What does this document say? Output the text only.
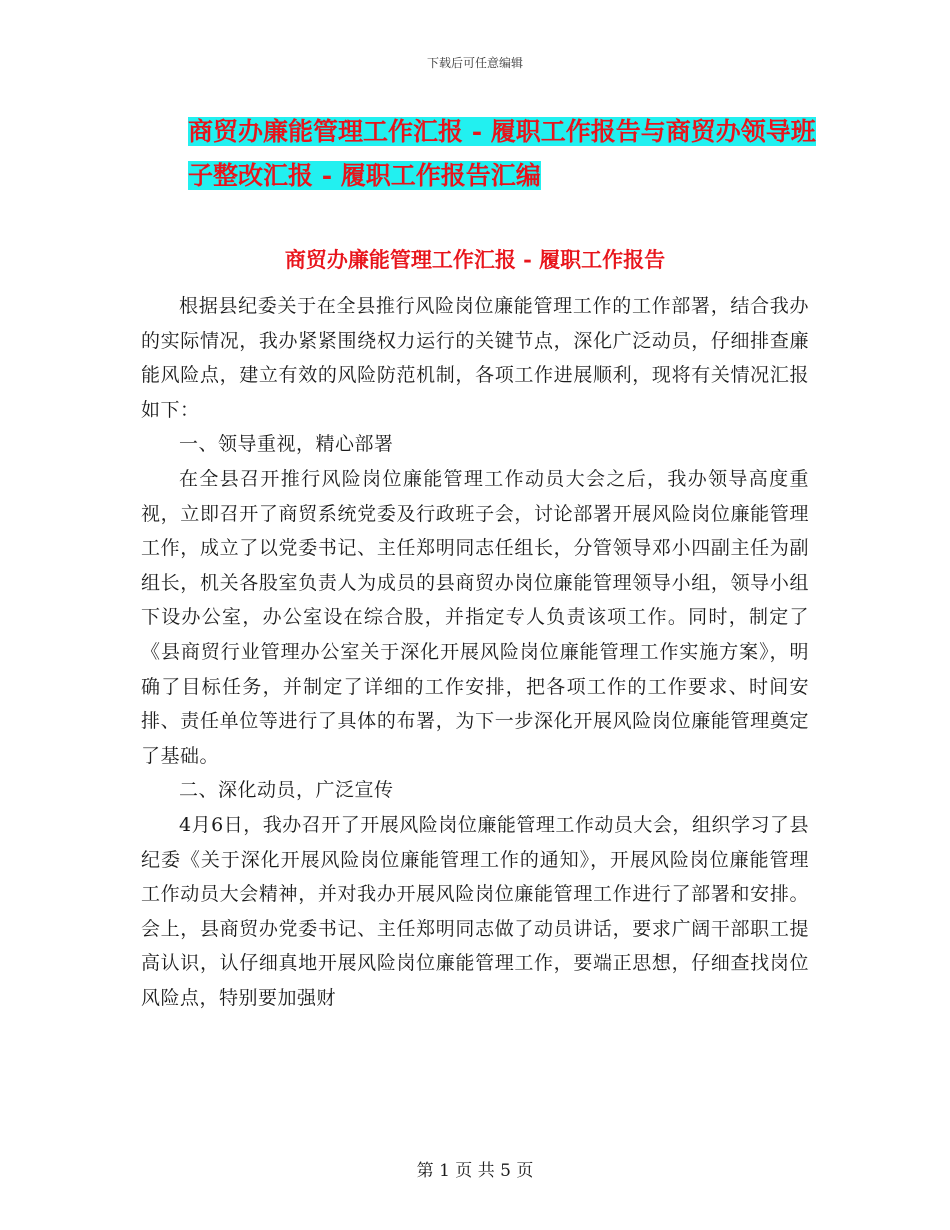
下载后可任意编辑
商贸办廉能管理工作汇报 - 履职工作报告与商贸办领导班子整改汇报 - 履职工作报告汇编
商贸办廉能管理工作汇报 - 履职工作报告

根据县纪委关于在全县推行风险岗位廉能管理工作的工作部署，结合我办的实际情况，我办紧紧围绕权力运行的关键节点，深化广泛动员，仔细排查廉能风险点，建立有效的风险防范机制，各项工作进展顺利，现将有关情况汇报如下：

一、领导重视，精心部署

在全县召开推行风险岗位廉能管理工作动员大会之后，我办领导高度重视，立即召开了商贸系统党委及行政班子会，讨论部署开展风险岗位廉能管理工作，成立了以党委书记、主任郑明同志任组长，分管领导邓小四副主任为副组长，机关各股室负责人为成员的县商贸办岗位廉能管理领导小组，领导小组下设办公室，办公室设在综合股，并指定专人负责该项工作。同时，制定了《县商贸行业管理办公室关于深化开展风险岗位廉能管理工作实施方案》，明确了目标任务，并制定了详细的工作安排，把各项工作的工作要求、时间安排、责任单位等进行了具体的布署，为下一步深化开展风险岗位廉能管理奠定了基础。

二、深化动员，广泛宣传

4月6日，我办召开了开展风险岗位廉能管理工作动员大会，组织学习了县纪委《关于深化开展风险岗位廉能管理工作的通知》，开展风险岗位廉能管理工作动员大会精神，并对我办开展风险岗位廉能管理工作进行了部署和安排。会上，县商贸办党委书记、主任郑明同志做了动员讲话，要求广阔干部职工提高认识，认仔细真地开展风险岗位廉能管理工作，要端正思想，仔细查找岗位风险点，特别要加强财

第 1 页 共 5 页
